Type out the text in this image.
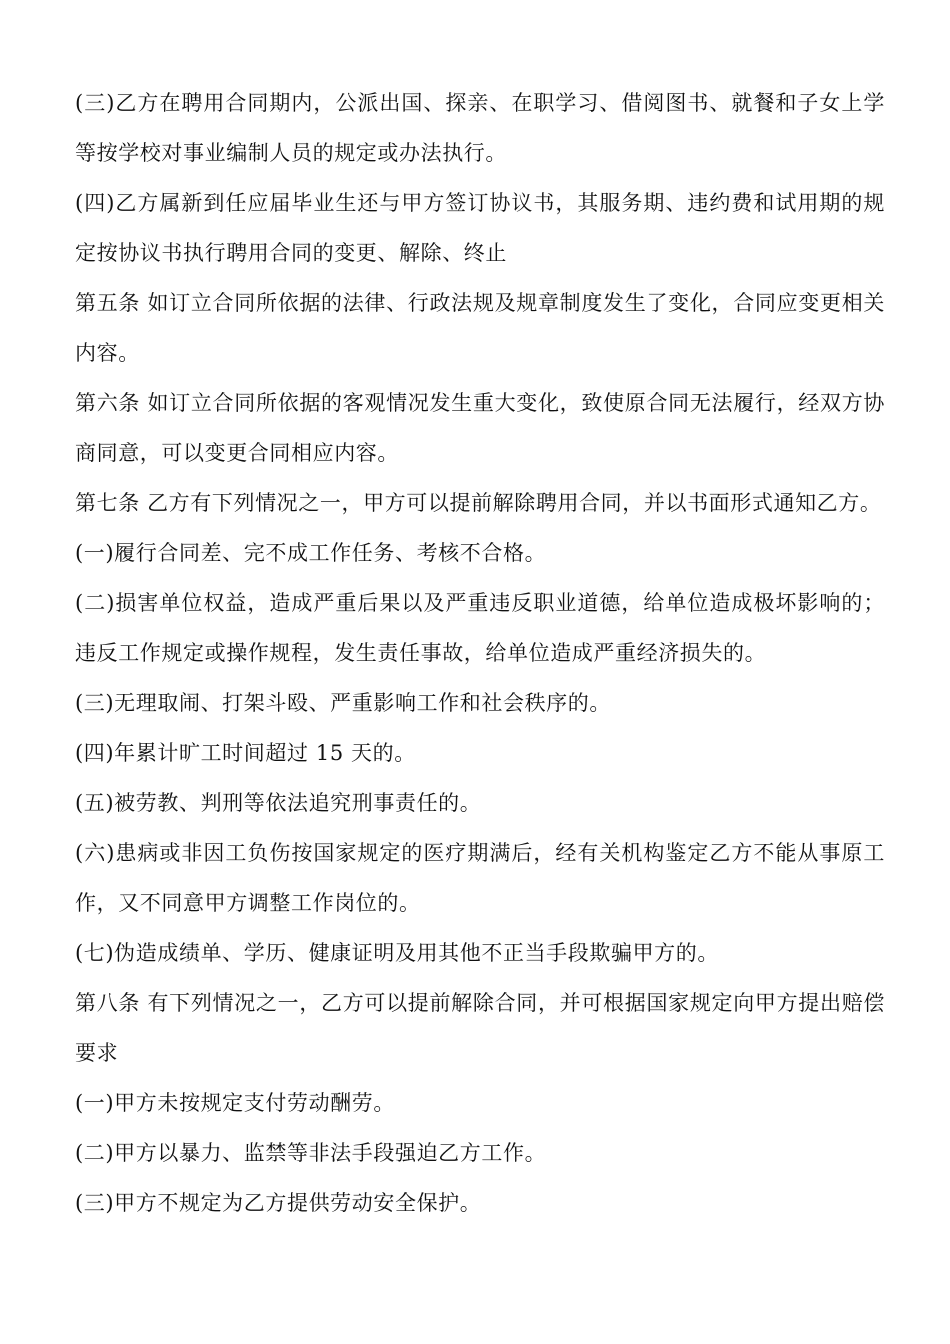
(三)乙方在聘用合同期内，公派出国、探亲、在职学习、借阅图书、就餐和子女上学等按学校对事业编制人员的规定或办法执行。

(四)乙方属新到任应届毕业生还与甲方签订协议书，其服务期、违约费和试用期的规定按协议书执行聘用合同的变更、解除、终止

第五条 如订立合同所依据的法律、行政法规及规章制度发生了变化，合同应变更相关内容。

第六条 如订立合同所依据的客观情况发生重大变化，致使原合同无法履行，经双方协商同意，可以变更合同相应内容。

第七条 乙方有下列情况之一，甲方可以提前解除聘用合同，并以书面形式通知乙方。

(一)履行合同差、完不成工作任务、考核不合格。

(二)损害单位权益，造成严重后果以及严重违反职业道德，给单位造成极坏影响的；违反工作规定或操作规程，发生责任事故，给单位造成严重经济损失的。

(三)无理取闹、打架斗殴、严重影响工作和社会秩序的。

(四)年累计旷工时间超过 15 天的。

(五)被劳教、判刑等依法追究刑事责任的。

(六)患病或非因工负伤按国家规定的医疗期满后，经有关机构鉴定乙方不能从事原工作，又不同意甲方调整工作岗位的。

(七)伪造成绩单、学历、健康证明及用其他不正当手段欺骗甲方的。

第八条 有下列情况之一，乙方可以提前解除合同，并可根据国家规定向甲方提出赔偿要求

(一)甲方未按规定支付劳动酬劳。

(二)甲方以暴力、监禁等非法手段强迫乙方工作。

(三)甲方不规定为乙方提供劳动安全保护。
